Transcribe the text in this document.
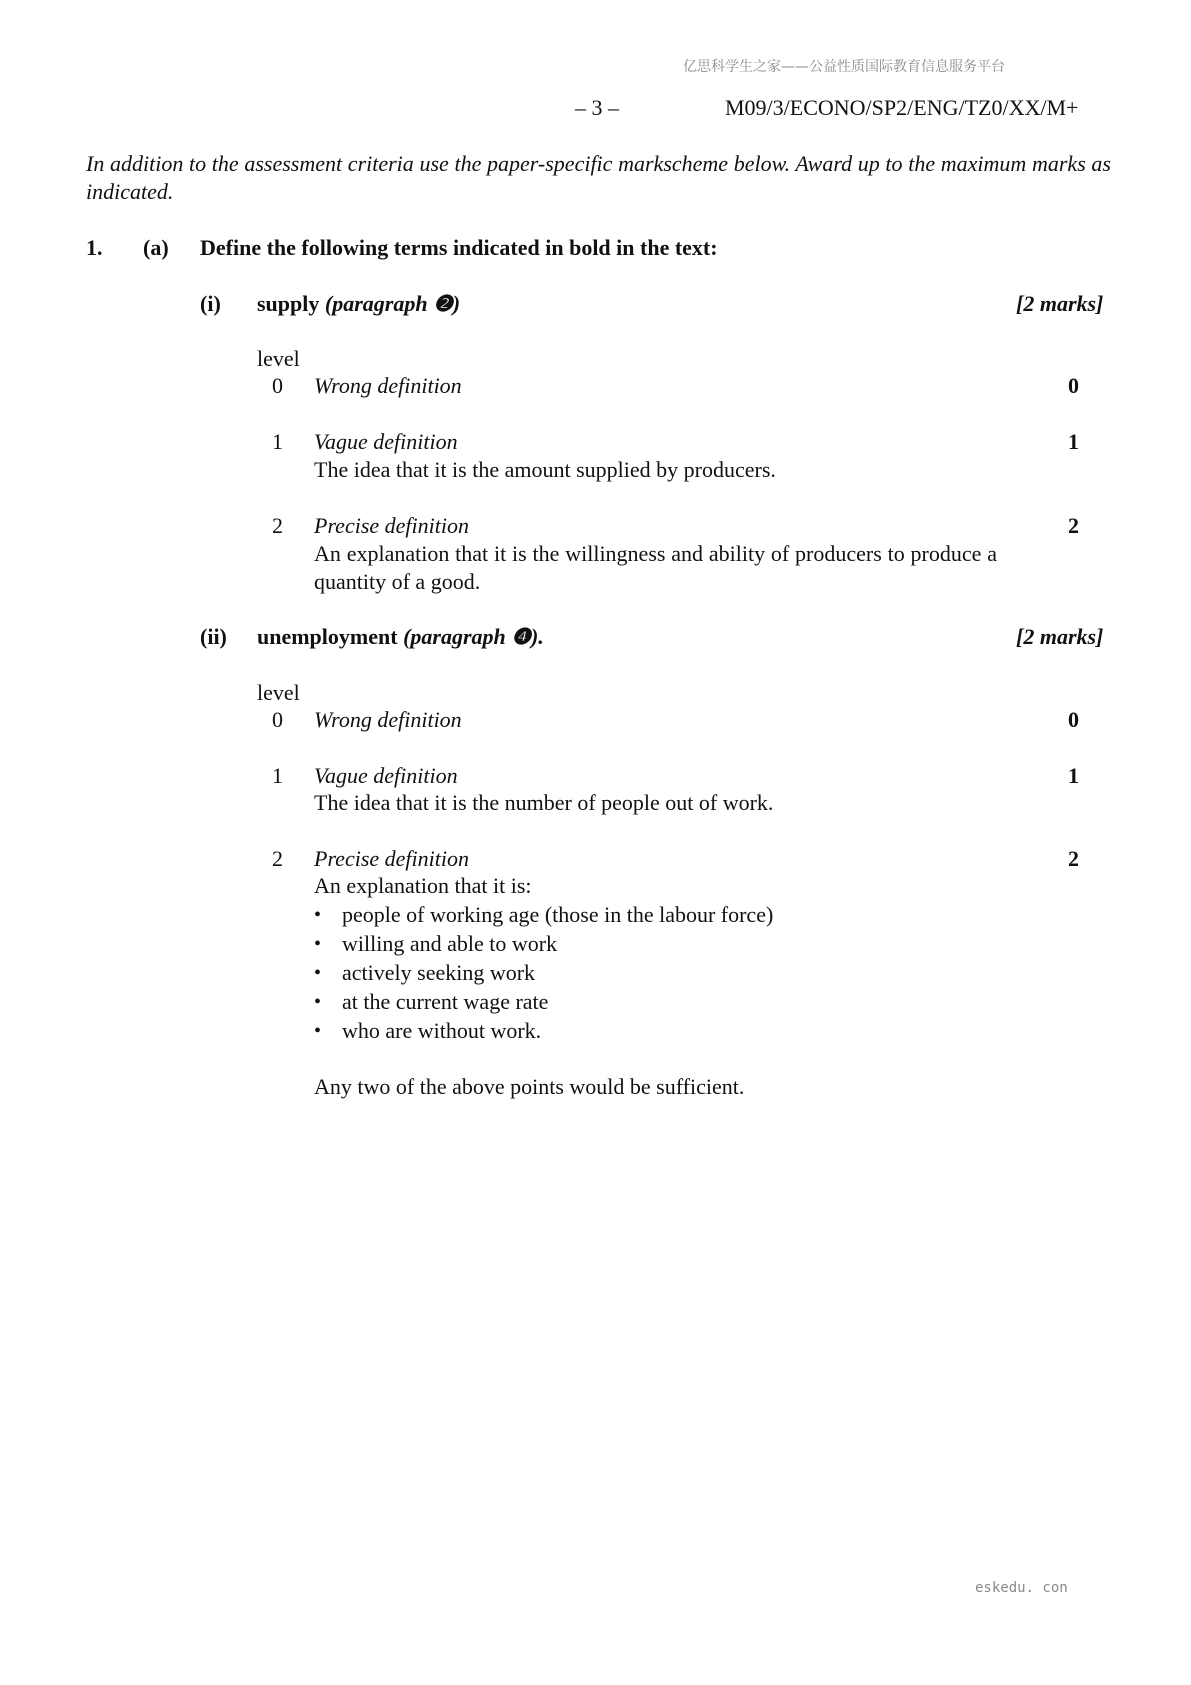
亿思科学生之家——公益性质国际教育信息服务平台
– 3 –	M09/3/ECONO/SP2/ENG/TZ0/XX/M+
In addition to the assessment criteria use the paper-specific markscheme below. Award up to the maximum marks as indicated.
1. (a) Define the following terms indicated in bold in the text:
(i) supply (paragraph ❷)	[2 marks]
level
0 Wrong definition	0
1 Vague definition	1
The idea that it is the amount supplied by producers.
2 Precise definition	2
An explanation that it is the willingness and ability of producers to produce a quantity of a good.
(ii) unemployment (paragraph ❹).	[2 marks]
level
0 Wrong definition	0
1 Vague definition	1
The idea that it is the number of people out of work.
2 Precise definition	2
An explanation that it is:
• people of working age (those in the labour force)
• willing and able to work
• actively seeking work
• at the current wage rate
• who are without work.
Any two of the above points would be sufficient.
eskedu. con
